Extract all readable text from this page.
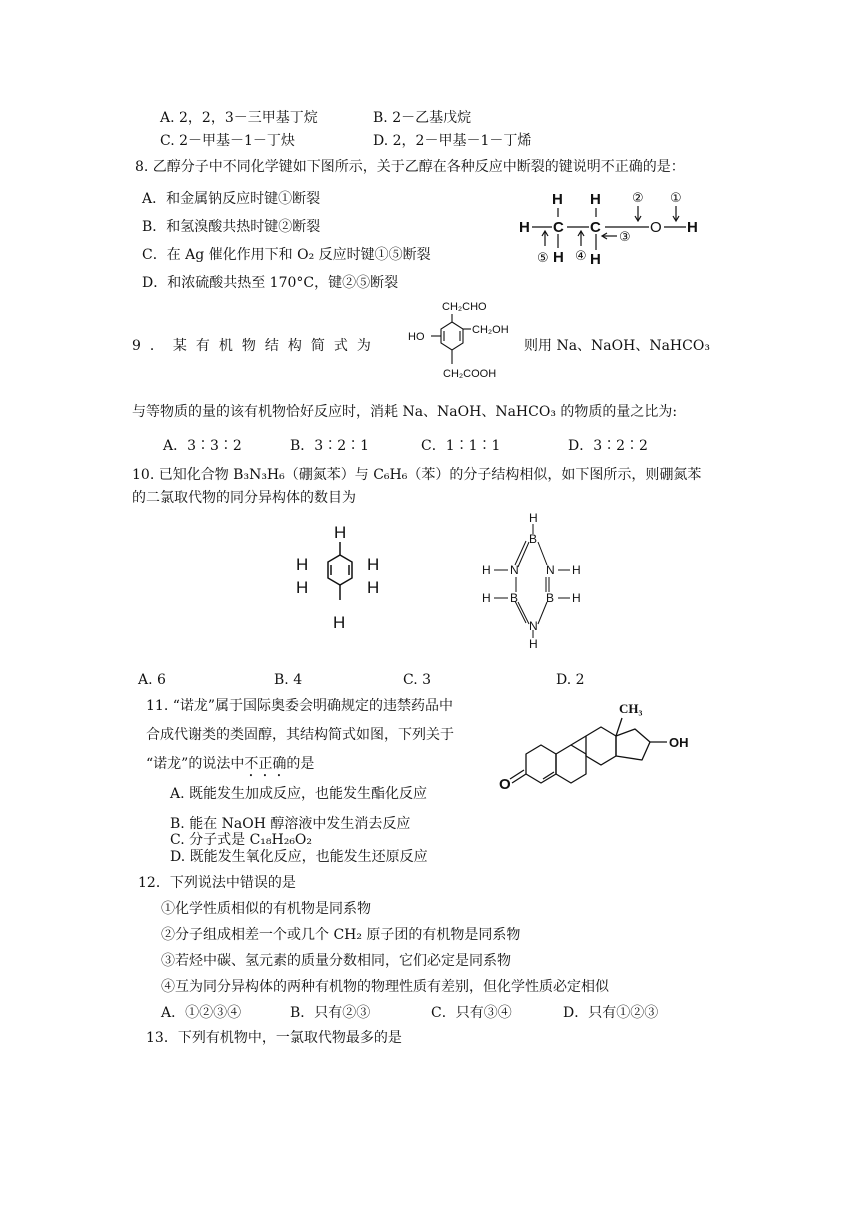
A. 2，2，3－三甲基丁烷	B. 2－乙基戊烷
C. 2－甲基－1－丁炔	D. 2，2－甲基－1－丁烯
8. 乙醇分子中不同化学键如下图所示，关于乙醇在各种反应中断裂的键说明不正确的是：
A．和金属钠反应时键①断裂
B．和氢溴酸共热时键②断裂
C．在 Ag 催化作用下和 O₂ 反应时键①⑤断裂
D．和浓硫酸共热至 170°C，键②⑤断裂
H
H
C
H
H
C
H
O H
② ①
③
④
⑤
9．某有机物结构简式为
CH₂CHO
CH₂OH
HO
CH₂COOH
则用 Na、NaOH、NaHCO₃
与等物质的量的该有机物恰好反应时，消耗 Na、NaOH、NaHCO₃ 的物质的量之比为:
A．3∶3∶2	B．3∶2∶1	C．1∶1∶1	D．3∶2∶2
10. 已知化合物 B₃N₃H₆（硼氮苯）与 C₆H₆（苯）的分子结构相似，如下图所示，则硼氮苯
的二氯取代物的同分异构体的数目为
H
H
H
H
H
H
H
B
H N N H
H B B H
N
H
A. 6	B. 4	C. 3	D. 2
11. “诺龙”属于国际奥委会明确规定的违禁药品中
合成代谢类的类固醇，其结构简式如图，下列关于
“诺龙”的说法中不正确的是
A. 既能发生加成反应，也能发生酯化反应
B. 能在 NaOH 醇溶液中发生消去反应
C. 分子式是 C₁₈H₂₆O₂
D. 既能发生氧化反应，也能发生还原反应
CH₃
OH
O
12．下列说法中错误的是
①化学性质相似的有机物是同系物
②分子组成相差一个或几个 CH₂ 原子团的有机物是同系物
③若烃中碳、氢元素的质量分数相同，它们必定是同系物
④互为同分异构体的两种有机物的物理性质有差别，但化学性质必定相似
A．①②③④	B．只有②③	C．只有③④	D．只有①②③
13．下列有机物中，一氯取代物最多的是
